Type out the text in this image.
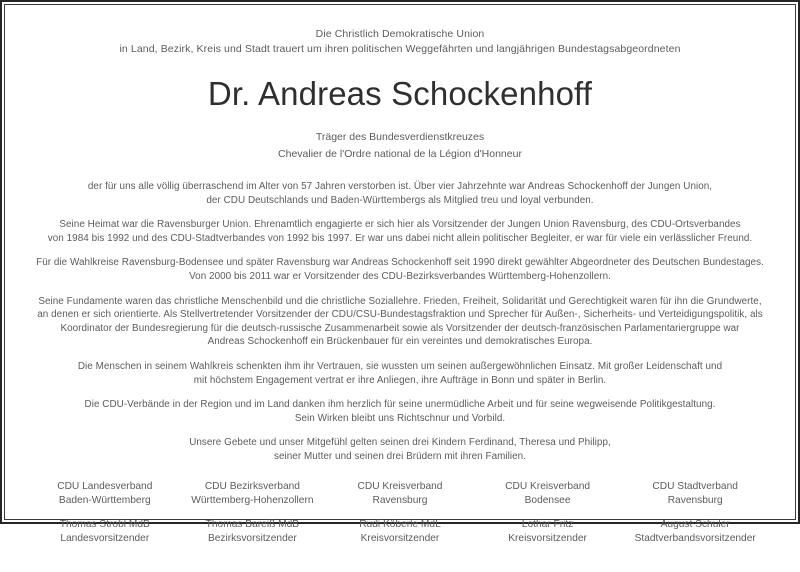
Die Christlich Demokratische Union
in Land, Bezirk, Kreis und Stadt trauert um ihren politischen Weggefährten und langjährigen Bundestagsabgeordneten
Dr. Andreas Schockenhoff
Träger des Bundesverdienstkreuzes
Chevalier de l'Ordre national de la Légion d'Honneur

der für uns alle völlig überraschend im Alter von 57 Jahren verstorben ist. Über vier Jahrzehnte war Andreas Schockenhoff der Jungen Union,
der CDU Deutschlands und Baden-Württembergs als Mitglied treu und loyal verbunden.

Seine Heimat war die Ravensburger Union. Ehrenamtlich engagierte er sich hier als Vorsitzender der Jungen Union Ravensburg, des CDU-Ortsverbandes
von 1984 bis 1992 und des CDU-Stadtverbandes von 1992 bis 1997. Er war uns dabei nicht allein politischer Begleiter, er war für viele ein verlässlicher Freund.

Für die Wahlkreise Ravensburg-Bodensee und später Ravensburg war Andreas Schockenhoff seit 1990 direkt gewählter Abgeordneter des Deutschen Bundestages.
Von 2000 bis 2011 war er Vorsitzender des CDU-Bezirksverbandes Württemberg-Hohenzollern.

Seine Fundamente waren das christliche Menschenbild und die christliche Soziallehre. Frieden, Freiheit, Solidarität und Gerechtigkeit waren für ihn die Grundwerte,
an denen er sich orientierte. Als Stellvertretender Vorsitzender der CDU/CSU-Bundestagsfraktion und Sprecher für Außen-, Sicherheits- und Verteidigungspolitik, als
Koordinator der Bundesregierung für die deutsch-russische Zusammenarbeit sowie als Vorsitzender der deutsch-französischen Parlamentariergruppe war
Andreas Schockenhoff ein Brückenbauer für ein vereintes und demokratisches Europa.

Die Menschen in seinem Wahlkreis schenkten ihm ihr Vertrauen, sie wussten um seinen außergewöhnlichen Einsatz. Mit großer Leidenschaft und
mit höchstem Engagement vertrat er ihre Anliegen, ihre Aufträge in Bonn und später in Berlin.

Die CDU-Verbände in der Region und im Land danken ihm herzlich für seine unermüdliche Arbeit und für seine wegweisende Politikgestaltung.
Sein Wirken bleibt uns Richtschnur und Vorbild.

Unsere Gebete und unser Mitgefühl gelten seinen drei Kindern Ferdinand, Theresa und Philipp,
seiner Mutter und seinen drei Brüdern mit ihren Familien.

CDU Landesverband
Baden-Württemberg
Thomas Strobl MdB
Landesvorsitzender
CDU Bezirksverband
Württemberg-Hohenzollern
Thomas Bareiß MdB
Bezirksvorsitzender
CDU Kreisverband
Ravensburg
Rudi Köberle MdL
Kreisvorsitzender
CDU Kreisverband
Bodensee
Lothar Fritz
Kreisvorsitzender
CDU Stadtverband
Ravensburg
August Schuler
Stadtverbandsvorsitzender
